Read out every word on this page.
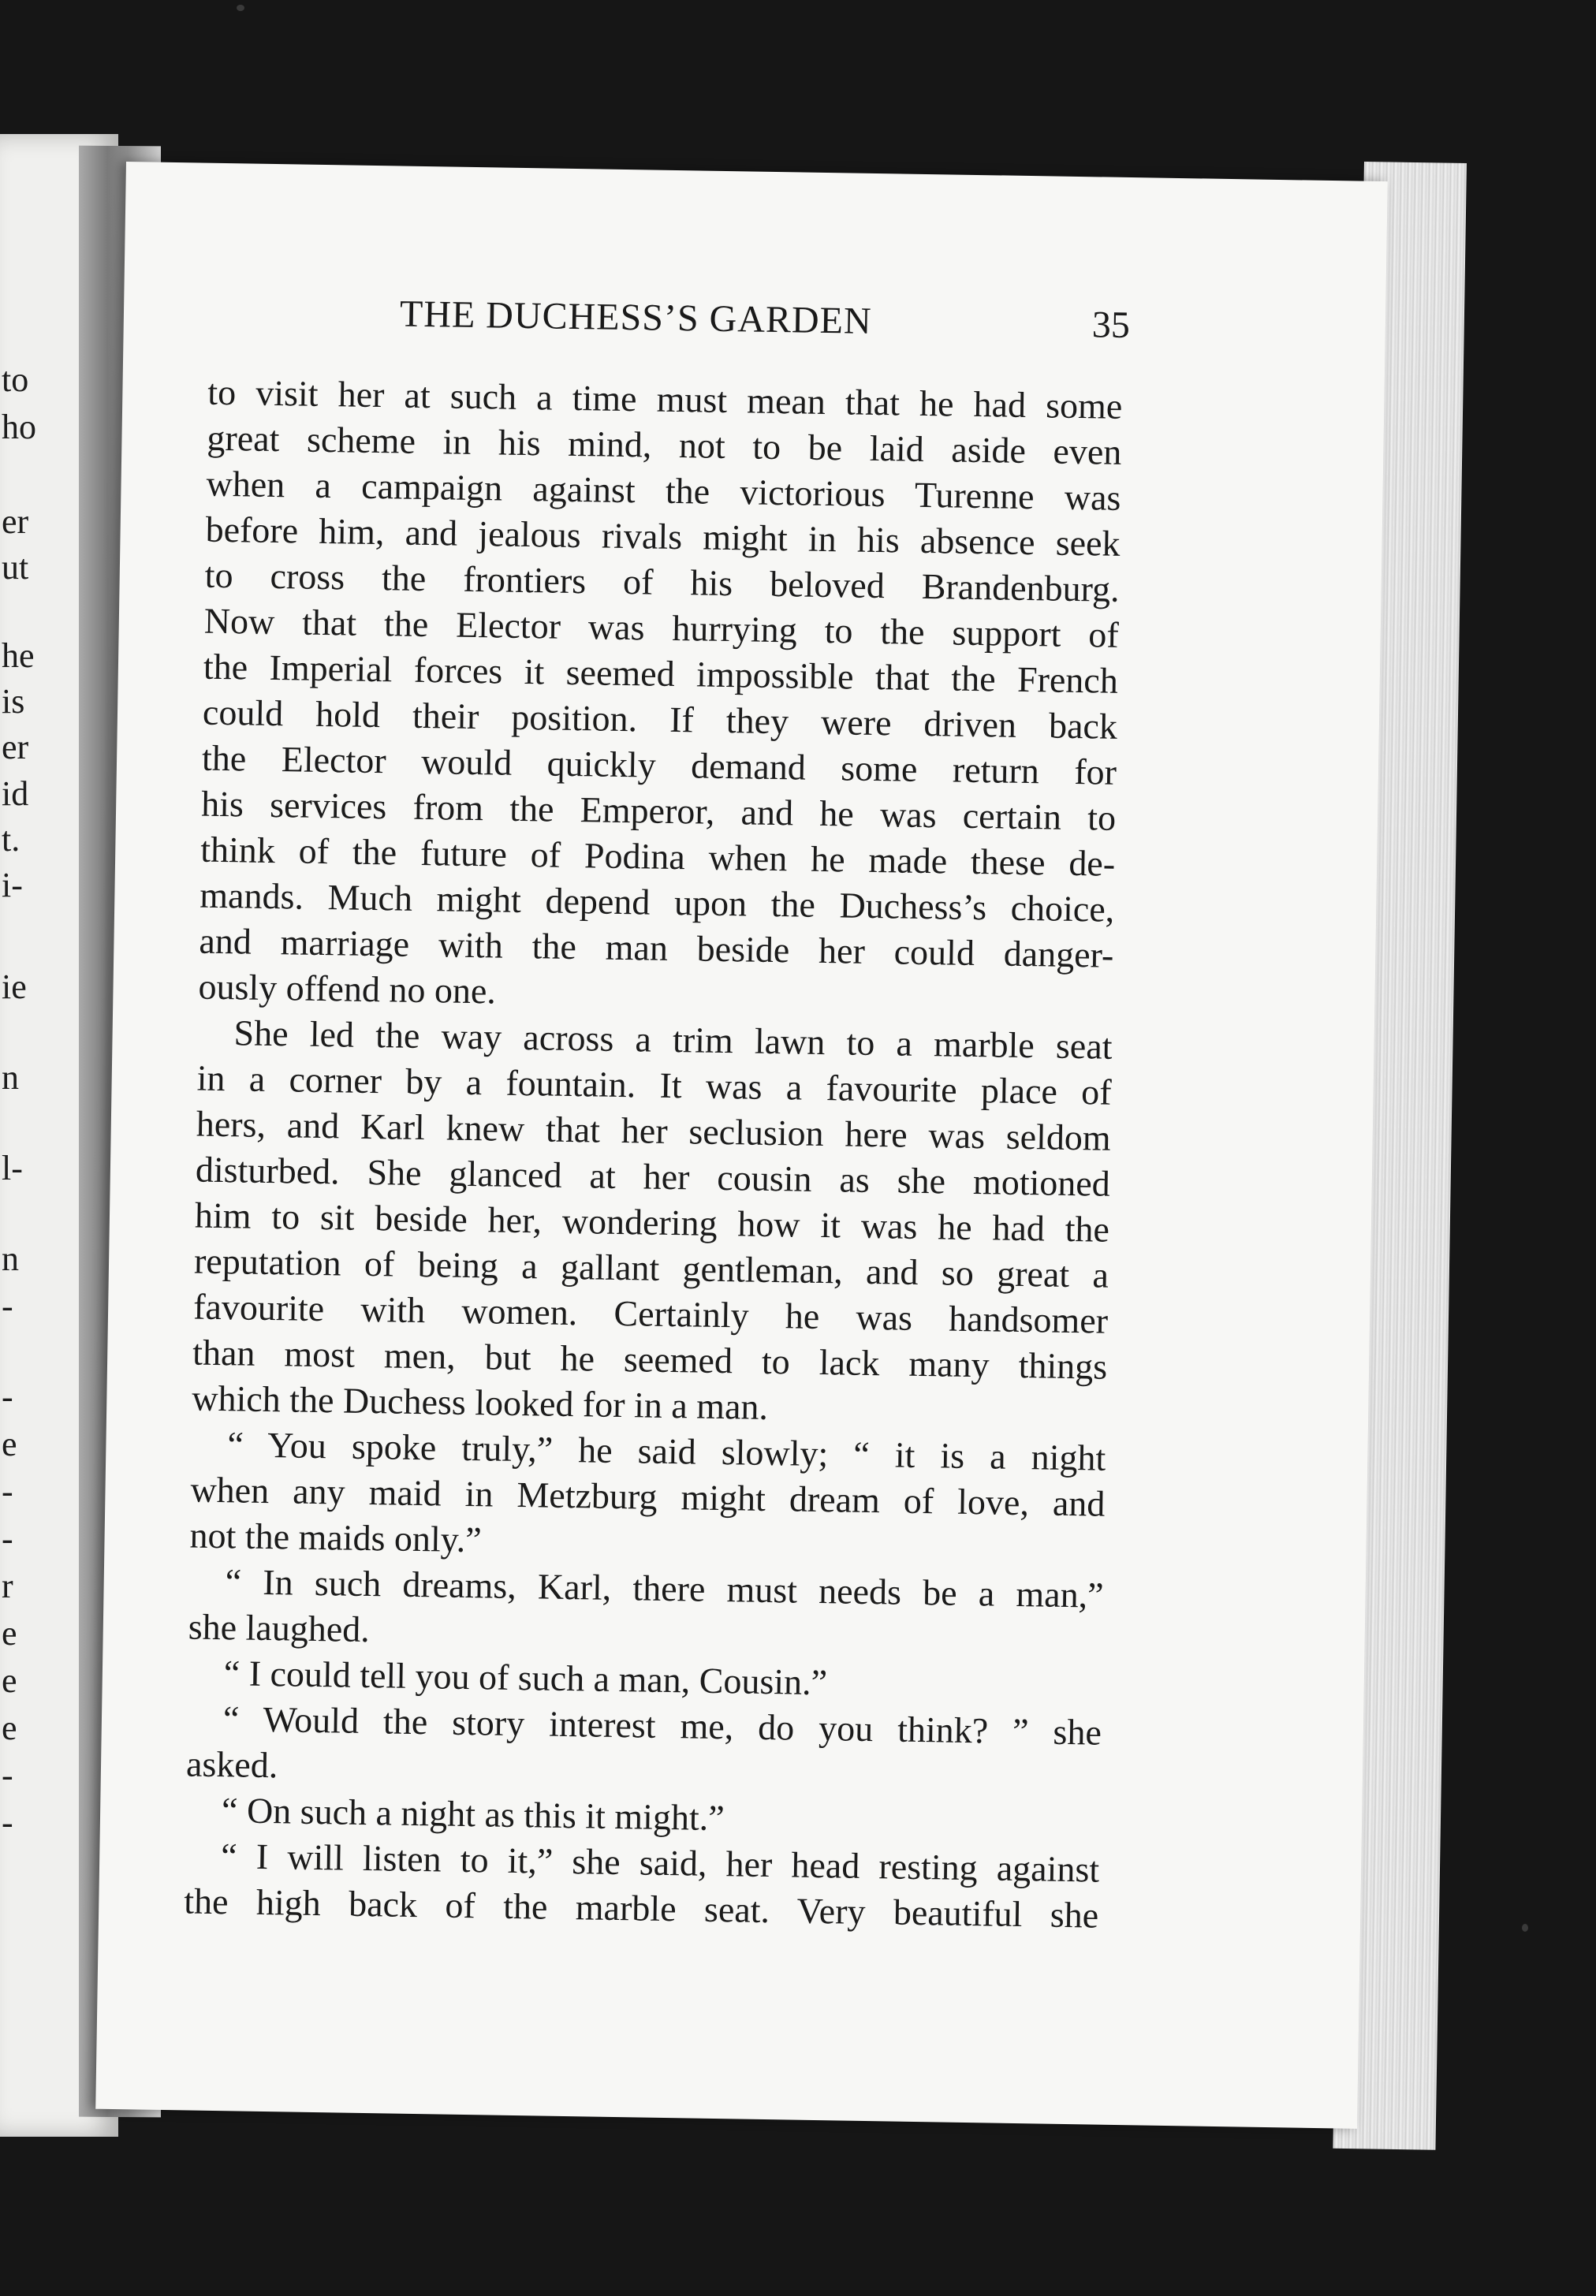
to

ho

er

ut

he

is

er

id

t.

i-

ie

n

l-

n

-

-

e

-

-

r

e

e

e

-

-

THE DUCHESS’S GARDEN	35

to visit her at such a time must mean that he had some

great scheme in his mind, not to be laid aside even

when a campaign against the victorious Turenne was

before him, and jealous rivals might in his absence seek

to cross the frontiers of his beloved Brandenburg.

Now that the Elector was hurrying to the support of

the Imperial forces it seemed impossible that the French

could hold their position. If they were driven back

the Elector would quickly demand some return for

his services from the Emperor, and he was certain to

think of the future of Podina when he made these de-

mands. Much might depend upon the Duchess’s choice,

and marriage with the man beside her could danger-

ously offend no one.

She led the way across a trim lawn to a marble seat

in a corner by a fountain. It was a favourite place of

hers, and Karl knew that her seclusion here was seldom

disturbed. She glanced at her cousin as she motioned

him to sit beside her, wondering how it was he had the

reputation of being a gallant gentleman, and so great a

favourite with women. Certainly he was handsomer

than most men, but he seemed to lack many things

which the Duchess looked for in a man.

“ You spoke truly,” he said slowly; “ it is a night

when any maid in Metzburg might dream of love, and

not the maids only.”

“ In such dreams, Karl, there must needs be a man,”

she laughed.

“ I could tell you of such a man, Cousin.”

“ Would the story interest me, do you think? ” she

asked.

“ On such a night as this it might.”

“ I will listen to it,” she said, her head resting against

the high back of the marble seat. Very beautiful she
